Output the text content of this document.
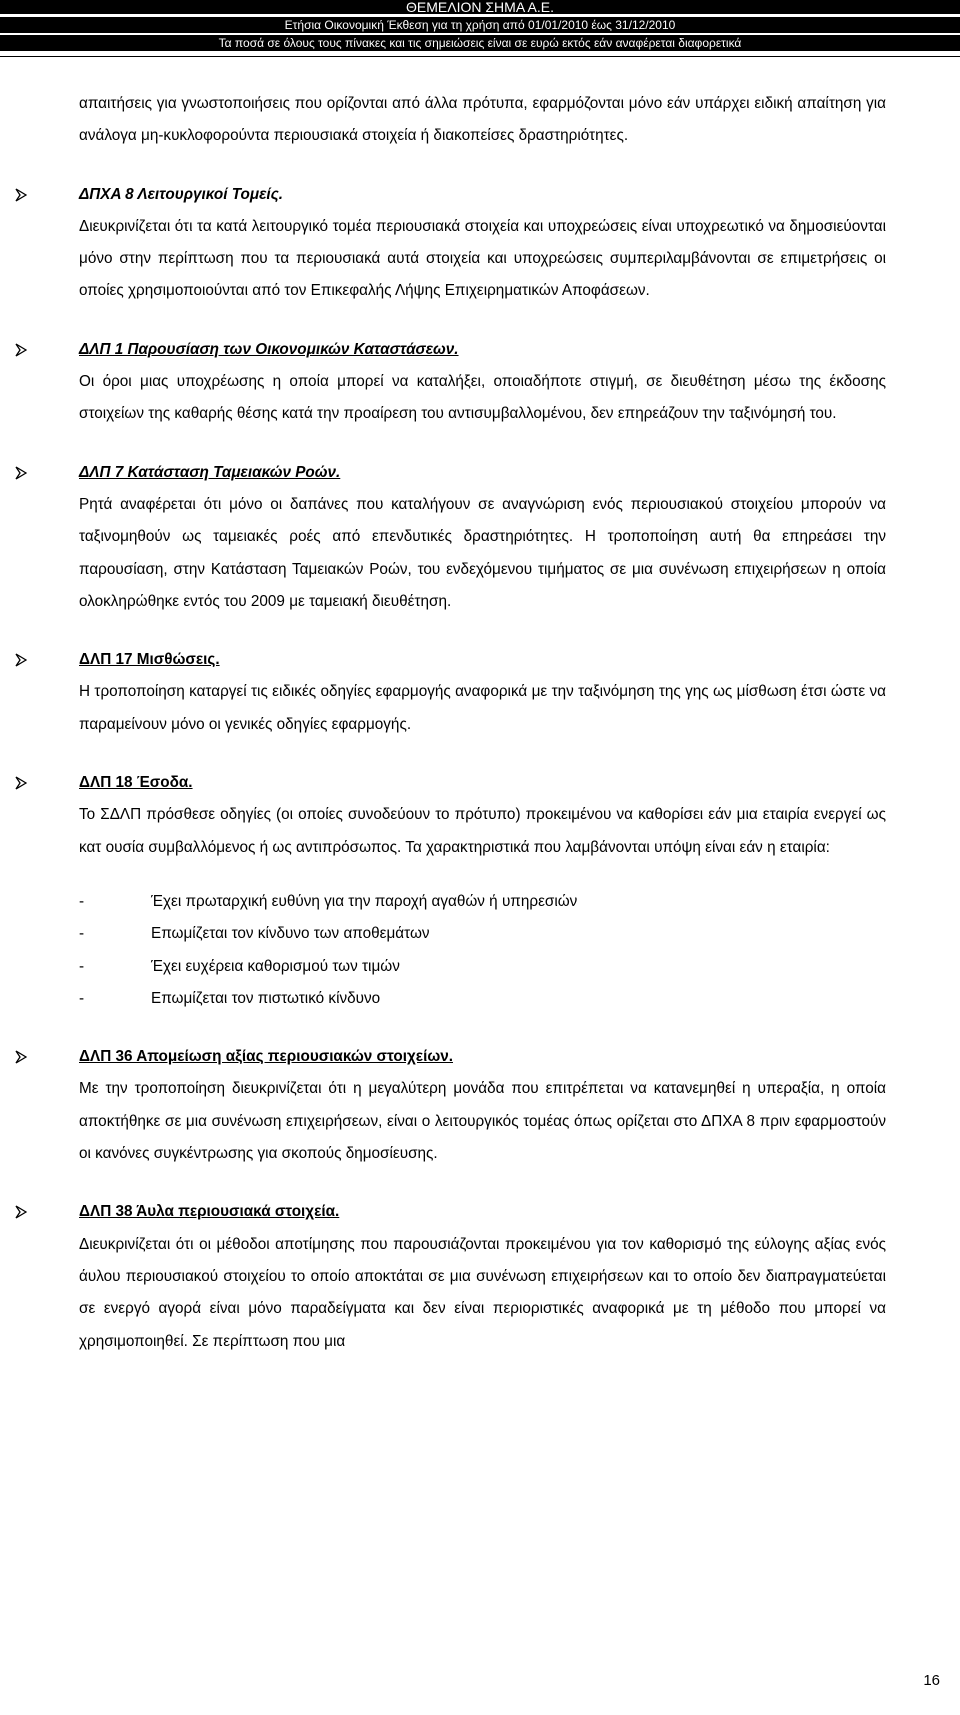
ΘΕΜΕΛΙΟΝ ΣΗΜΑ Α.Ε.
Ετήσια Οικονομική Έκθεση για τη χρήση από 01/01/2010 έως 31/12/2010
Τα ποσά σε όλους τους πίνακες και τις σημειώσεις είναι σε ευρώ εκτός εάν αναφέρεται διαφορετικά

απαιτήσεις για γνωστοποιήσεις που ορίζονται από άλλα πρότυπα, εφαρμόζονται μόνο εάν υπάρχει ειδική απαίτηση για ανάλογα μη-κυκλοφορούντα περιουσιακά στοιχεία ή διακοπείσες δραστηριότητες.

ΔΠΧΑ 8 Λειτουργικοί Τομείς.

Διευκρινίζεται ότι τα κατά λειτουργικό τομέα περιουσιακά στοιχεία και υποχρεώσεις είναι υποχρεωτικό να δημοσιεύονται μόνο στην περίπτωση που τα περιουσιακά αυτά στοιχεία και υποχρεώσεις συμπεριλαμβάνονται σε επιμετρήσεις οι οποίες χρησιμοποιούνται από τον Επικεφαλής Λήψης Επιχειρηματικών Αποφάσεων.

ΔΛΠ 1 Παρουσίαση των Οικονομικών Καταστάσεων.

Οι όροι μιας υποχρέωσης η οποία μπορεί να καταλήξει, οποιαδήποτε στιγμή, σε διευθέτηση μέσω της έκδοσης στοιχείων της καθαρής θέσης κατά την προαίρεση του αντισυμβαλλομένου, δεν επηρεάζουν την ταξινόμησή του.

ΔΛΠ 7 Κατάσταση Ταμειακών Ροών.

Ρητά αναφέρεται ότι μόνο οι δαπάνες που καταλήγουν σε αναγνώριση ενός περιουσιακού στοιχείου μπορούν να ταξινομηθούν ως ταμειακές ροές από επενδυτικές δραστηριότητες. Η τροποποίηση αυτή θα επηρεάσει την παρουσίαση, στην Κατάσταση Ταμειακών Ροών, του ενδεχόμενου τιμήματος σε μια συνένωση επιχειρήσεων η οποία ολοκληρώθηκε εντός του 2009 με ταμειακή διευθέτηση.

ΔΛΠ 17 Μισθώσεις.

Η τροποποίηση καταργεί τις ειδικές οδηγίες εφαρμογής αναφορικά με την ταξινόμηση της γης ως μίσθωση έτσι ώστε να παραμείνουν μόνο οι γενικές οδηγίες εφαρμογής.

ΔΛΠ 18 Έσοδα.

Το ΣΔΛΠ πρόσθεσε οδηγίες (οι οποίες συνοδεύουν το πρότυπο) προκειμένου να καθορίσει εάν μια εταιρία ενεργεί ως κατ ουσία συμβαλλόμενος ή ως αντιπρόσωπος. Τα χαρακτηριστικά που λαμβάνονται υπόψη είναι εάν η εταιρία:

-	Έχει πρωταρχική ευθύνη για την παροχή αγαθών ή υπηρεσιών

-	Επωμίζεται τον κίνδυνο των αποθεμάτων

-	Έχει ευχέρεια καθορισμού των τιμών

-	Επωμίζεται τον πιστωτικό κίνδυνο

ΔΛΠ 36 Απομείωση αξίας περιουσιακών στοιχείων.

Με την τροποποίηση διευκρινίζεται ότι η μεγαλύτερη μονάδα που επιτρέπεται να κατανεμηθεί η υπεραξία, η οποία αποκτήθηκε σε μια συνένωση επιχειρήσεων, είναι ο λειτουργικός τομέας όπως ορίζεται στο ΔΠΧΑ 8 πριν εφαρμοστούν οι κανόνες συγκέντρωσης για σκοπούς δημοσίευσης.

ΔΛΠ 38 Άυλα περιουσιακά στοιχεία.

Διευκρινίζεται ότι οι μέθοδοι αποτίμησης που παρουσιάζονται προκειμένου για τον καθορισμό της εύλογης αξίας ενός άυλου περιουσιακού στοιχείου το οποίο αποκτάται σε μια συνένωση επιχειρήσεων και το οποίο δεν διαπραγματεύεται σε ενεργό αγορά είναι μόνο παραδείγματα και δεν είναι περιοριστικές αναφορικά με τη μέθοδο που μπορεί να χρησιμοποιηθεί. Σε περίπτωση που μια

16
